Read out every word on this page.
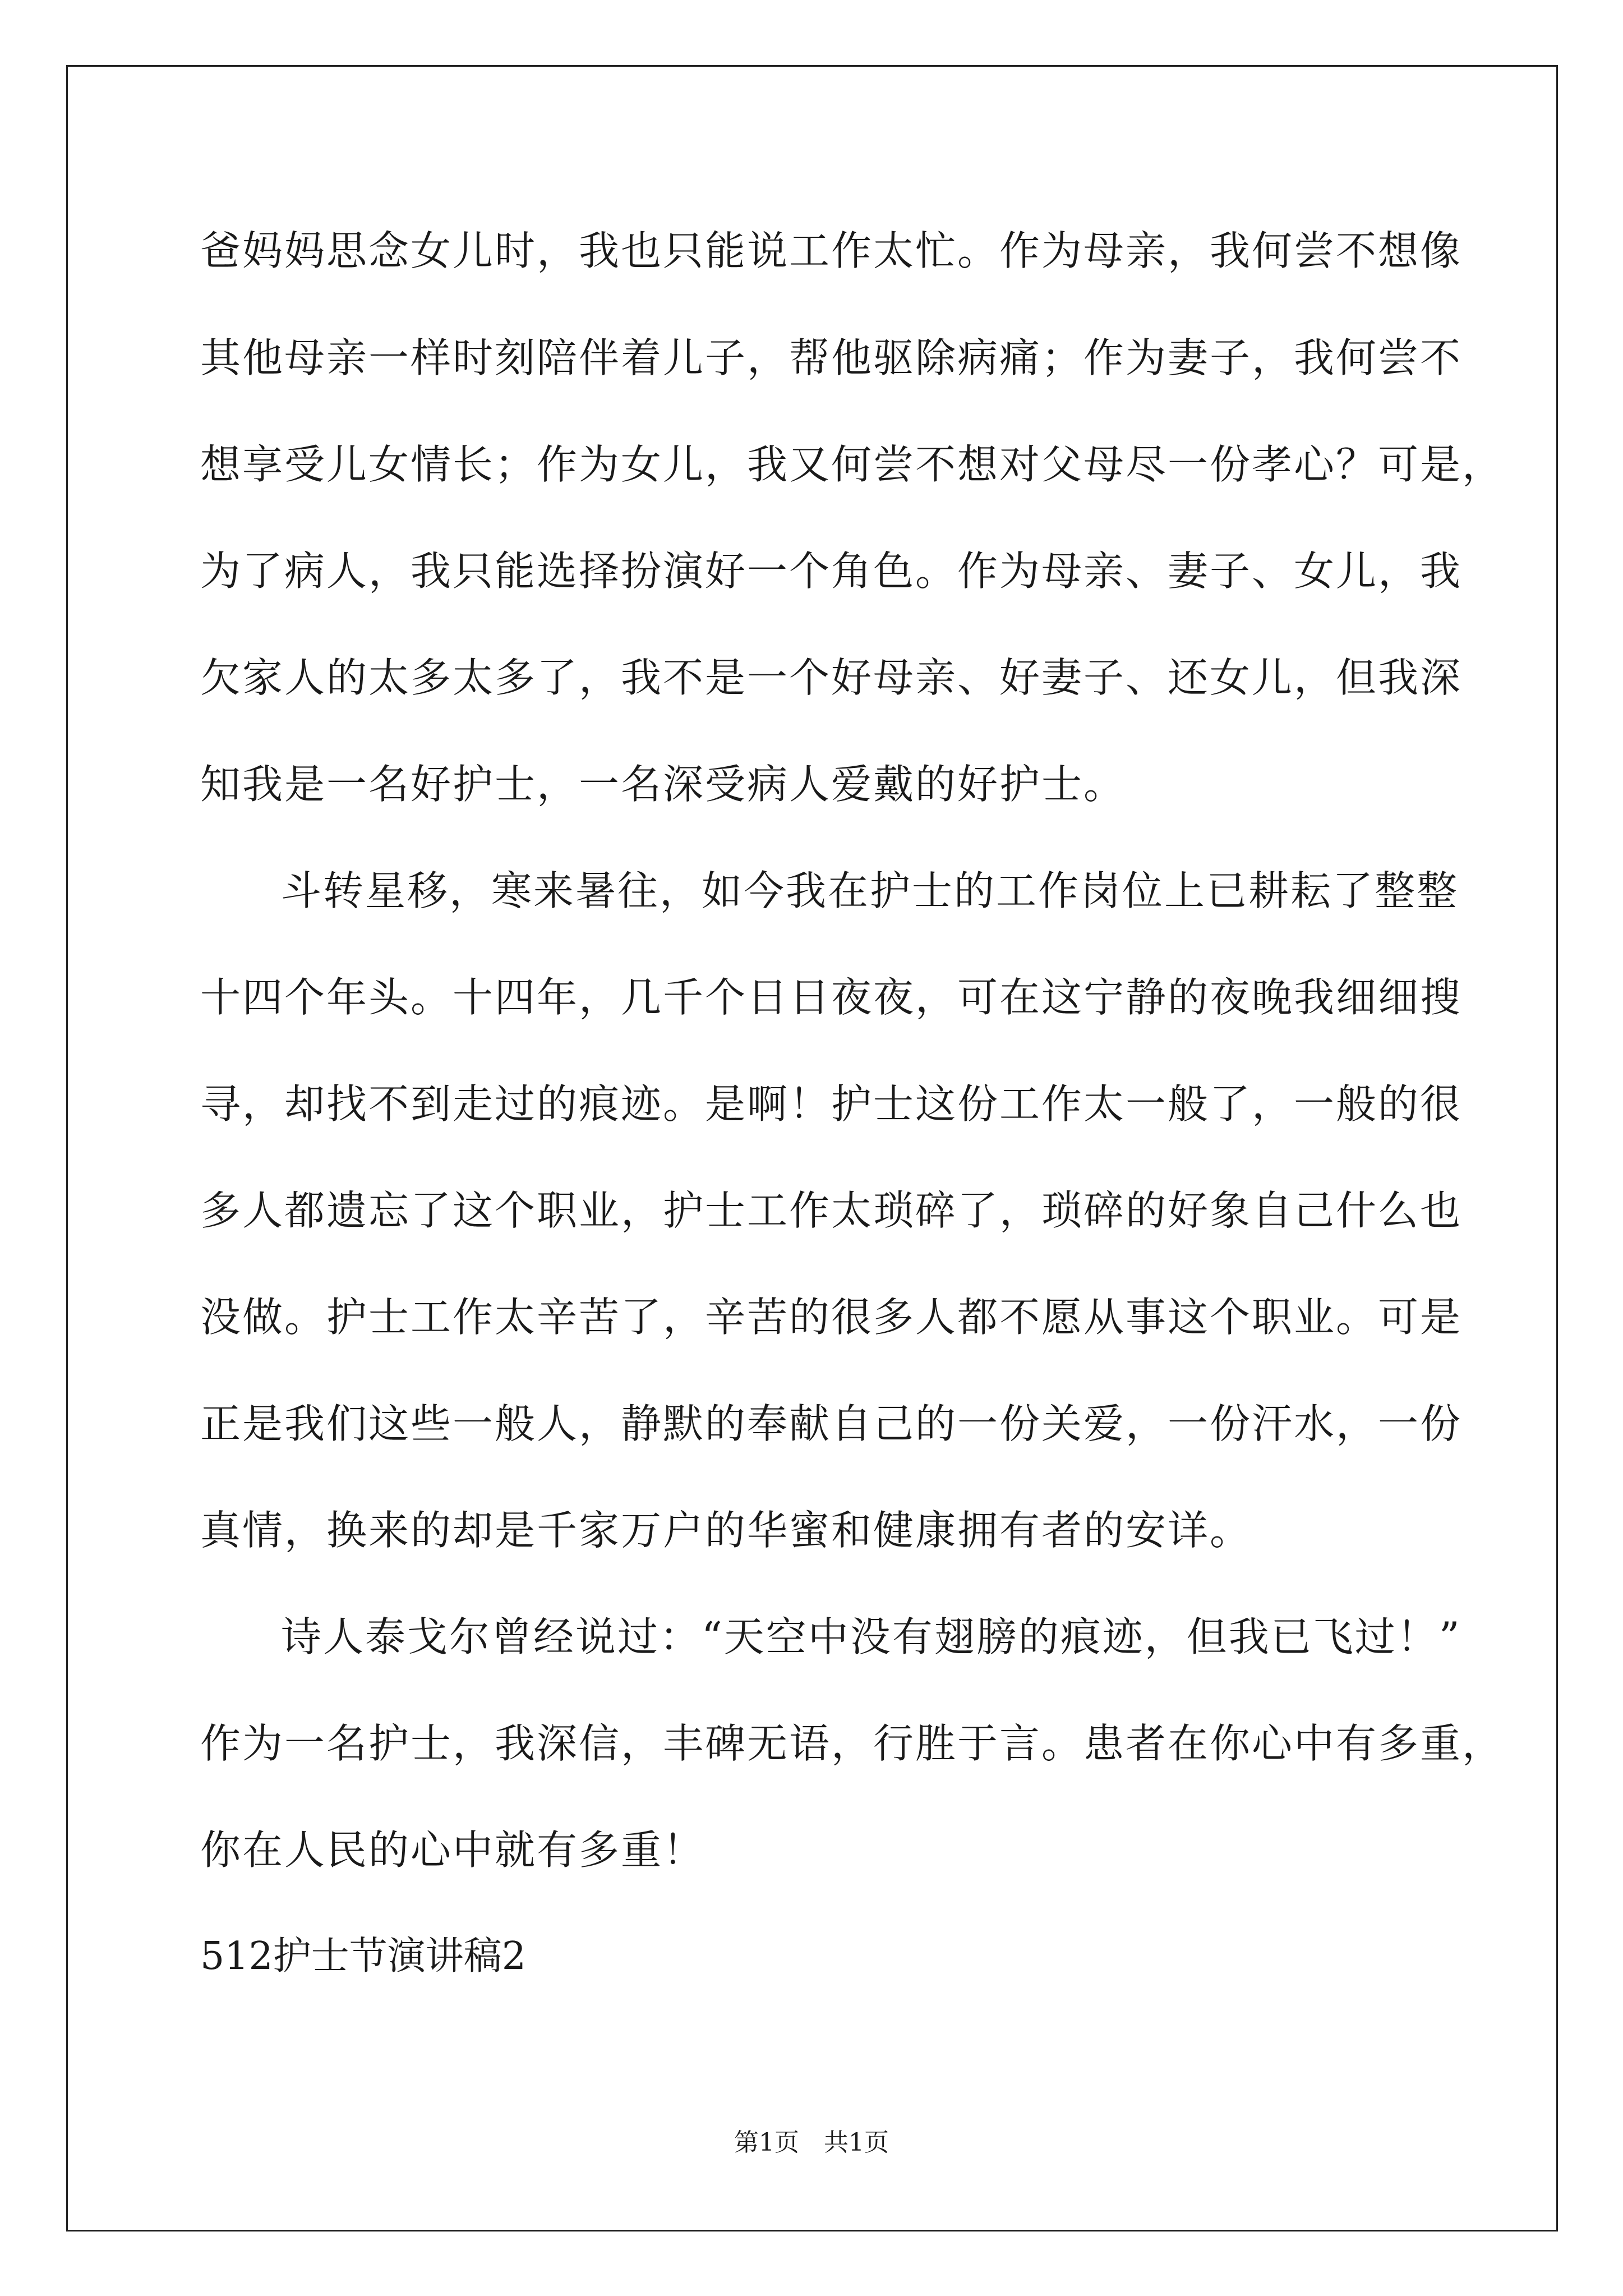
爸妈妈思念女儿时，我也只能说工作太忙。作为母亲，我何尝不想像
其他母亲一样时刻陪伴着儿子，帮他驱除病痛；作为妻子，我何尝不
想享受儿女情长；作为女儿，我又何尝不想对父母尽一份孝心？可是，
为了病人，我只能选择扮演好一个角色。作为母亲、妻子、女儿，我
欠家人的太多太多了，我不是一个好母亲、好妻子、还女儿，但我深
知我是一名好护士，一名深受病人爱戴的好护士。
斗转星移，寒来暑往，如今我在护士的工作岗位上已耕耘了整整
十四个年头。十四年，几千个日日夜夜，可在这宁静的夜晚我细细搜
寻，却找不到走过的痕迹。是啊！护士这份工作太一般了，一般的很
多人都遗忘了这个职业，护士工作太琐碎了，琐碎的好象自己什么也
没做。护士工作太辛苦了，辛苦的很多人都不愿从事这个职业。可是
正是我们这些一般人，静默的奉献自己的一份关爱，一份汗水，一份
真情，换来的却是千家万户的华蜜和健康拥有者的安详。
诗人泰戈尔曾经说过：“天空中没有翅膀的痕迹，但我已飞过！”
作为一名护士，我深信，丰碑无语，行胜于言。患者在你心中有多重，
你在人民的心中就有多重！
512护士节演讲稿2
第1页　共1页
